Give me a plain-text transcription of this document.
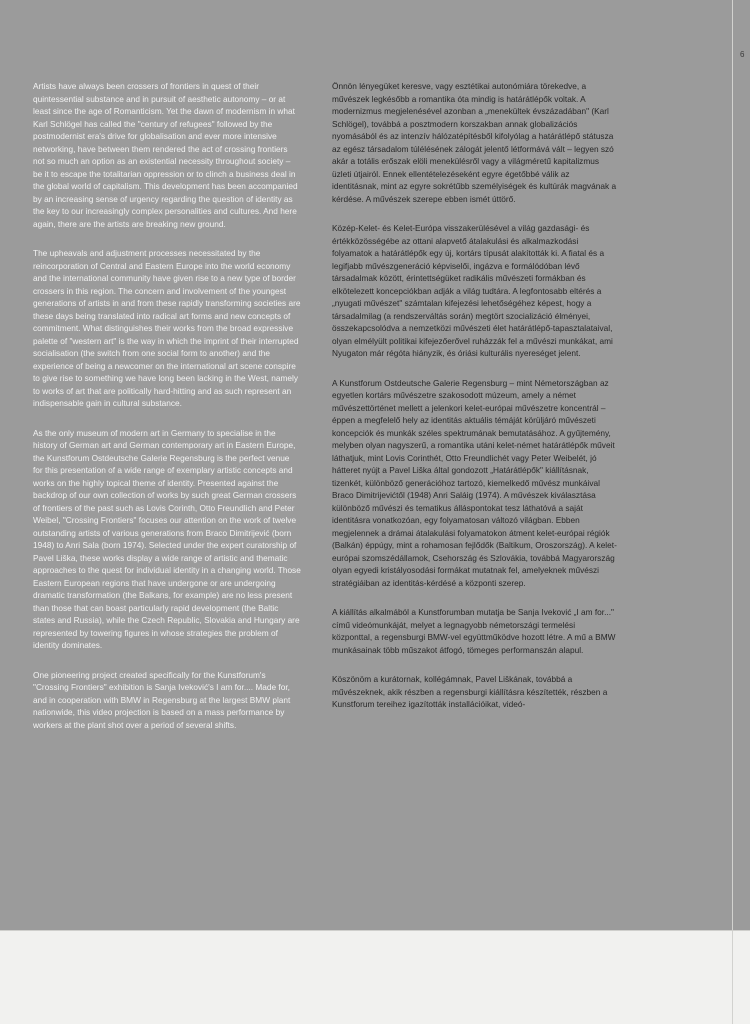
6

Artists have always been crossers of frontiers in quest of their quintessential substance and in pursuit of aesthetic autonomy – or at least since the age of Romanticism. Yet the dawn of modernism in what Karl Schlögel has called the "century of refugees" followed by the postmodernist era's drive for globalisation and ever more intensive networking, have between them rendered the act of crossing frontiers not so much an option as an existential necessity throughout society – be it to escape the totalitarian oppression or to clinch a business deal in the global world of capitalism. This development has been accompanied by an increasing sense of urgency regarding the question of identity as the key to our increasingly complex personalities and cultures. And here again, there are the artists are breaking new ground.

The upheavals and adjustment processes necessitated by the reincorporation of Central and Eastern Europe into the world economy and the international community have given rise to a new type of border crossers in this region. The concern and involvement of the youngest generations of artists in and from these rapidly transforming societies are these days being translated into radical art forms and new concepts of commitment. What distinguishes their works from the broad expressive palette of "western art" is the way in which the imprint of their interrupted socialisation (the switch from one social form to another) and the experience of being a newcomer on the international art scene conspire to give rise to something we have long been lacking in the West, namely to works of art that are politically hard-hitting and as such represent an indispensable gain in cultural substance.

As the only museum of modern art in Germany to specialise in the history of German art and German contemporary art in Eastern Europe, the Kunstforum Ostdeutsche Galerie Regensburg is the perfect venue for this presentation of a wide range of exemplary artistic concepts and works on the highly topical theme of identity. Presented against the backdrop of our own collection of works by such great German crossers of frontiers of the past such as Lovis Corinth, Otto Freundlich and Peter Weibel, "Crossing Frontiers" focuses our attention on the work of twelve outstanding artists of various generations from Braco Dimitrijević (born 1948) to Anri Sala (born 1974). Selected under the expert curatorship of Pavel Liška, these works display a wide range of artistic and thematic approaches to the quest for individual identity in a changing world. Those Eastern European regions that have undergone or are undergoing dramatic transformation (the Balkans, for example) are no less present than those that can boast particularly rapid development (the Baltic states and Russia), while the Czech Republic, Slovakia and Hungary are represented by towering figures in whose strategies the problem of identity dominates.

One pioneering project created specifically for the Kunstforum's "Crossing Frontiers" exhibition is Sanja Iveković's I am for.... Made for, and in cooperation with BMW in Regensburg at the largest BMW plant nationwide, this video projection is based on a mass performance by workers at the plant shot over a period of several shifts.

Önnön lényegüket keresve, vagy esztétikai autonómiára törekedve, a művészek legkésőbb a romantika óta mindig is határátlépők voltak. A modernizmus megjelenésével azonban a „menekültek évszázadában" (Karl Schlögel), továbbá a posztmodern korszakban annak globalizációs nyomásából és az intenzív hálózatépítésből kifolyólag a határátlépő státusza az egész társadalom túlélésének zálogát jelentő létformává vált – legyen szó akár a totális erőszak elöli menekülésről vagy a világméretű kapitalizmus üzleti útjairól. Ennek ellentételezéseként egyre égetőbbé válik az identitásnak, mint az egyre sokrétűbb személyiségek és kultúrák magvának a kérdése. A művészek szerepe ebben ismét úttörő.

Közép-Kelet- és Kelet-Európa visszakerülésével a világ gazdasági- és értékközösségébe az ottani alapvető átalakulási és alkalmazkodási folyamatok a határátlépők egy új, kortárs típusát alakították ki. A fiatal és a legifjabb művészgeneráció képviselői, ingázva e formálódóban lévő társadalmak között, érintettségüket radikális művészeti formákban és elkötelezett koncepciókban adják a világ tudtára. A legfontosabb eltérés a „nyugati művészet" számtalan kifejezési lehetőségéhez képest, hogy a társadalmilag (a rendszerváltás során) megtört szocializáció élményei, összekapcsolódva a nemzetközi művészeti élet határátlépő-tapasztalataival, olyan elmélyült politikai kifejezőerővel ruházzák fel a művészi munkákat, ami Nyugaton már régóta hiányzik, és óriási kulturális nyereséget jelent.

A Kunstforum Ostdeutsche Galerie Regensburg – mint Németországban az egyetlen kortárs művészetre szakosodott múzeum, amely a német művészettörténet mellett a jelenkori kelet-európai művészetre koncentrál – éppen a megfelelő hely az identitás aktuális témáját körüljáró művészeti koncepciók és munkák széles spektrumának bemutatásához. A gyűjtemény, melyben olyan nagyszerű, a romantika utáni kelet-német határátlépők műveit láthatjuk, mint Lovis Corinthét, Otto Freundlichét vagy Peter Weibelét, jó hátteret nyújt a Pavel Liška által gondozott „Határátlépők" kiállításnak, tizenkét, különböző generációhoz tartozó, kiemelkedő művész munkáival Braco Dimitrijevićtől (1948) Anri Saláig (1974). A művészek kiválasztása különböző művészi és tematikus álláspontokat tesz láthatóvá a saját identitásra vonatkozóan, egy folyamatosan változó világban. Ebben megjelennek a drámai átalakulási folyamatokon átment kelet-európai régiók (Balkán) éppúgy, mint a rohamosan fejlődők (Baltikum, Oroszország). A kelet-európai szomszédállamok, Csehország és Szlovákia, továbbá Magyarország olyan egyedi kristályosodási formákat mutatnak fel, amelyeknek művészi stratégiáiban az identitás-kérdésé a központi szerep.

A kiállítás alkalmából a Kunstforumban mutatja be Sanja Iveković „I am for..." című videómunkáját, melyet a legnagyobb németországi termelési központtal, a regensburgi BMW-vel együttműködve hozott létre. A mű a BMW munkásainak több műszakot átfogó, tömeges performanszán alapul.

Köszönöm a kurátornak, kollégámnak, Pavel Liškának, továbbá a művészeknek, akik részben a regensburgi kiállításra készítették, részben a Kunstforum tereihez igazították installációikat, videó-
